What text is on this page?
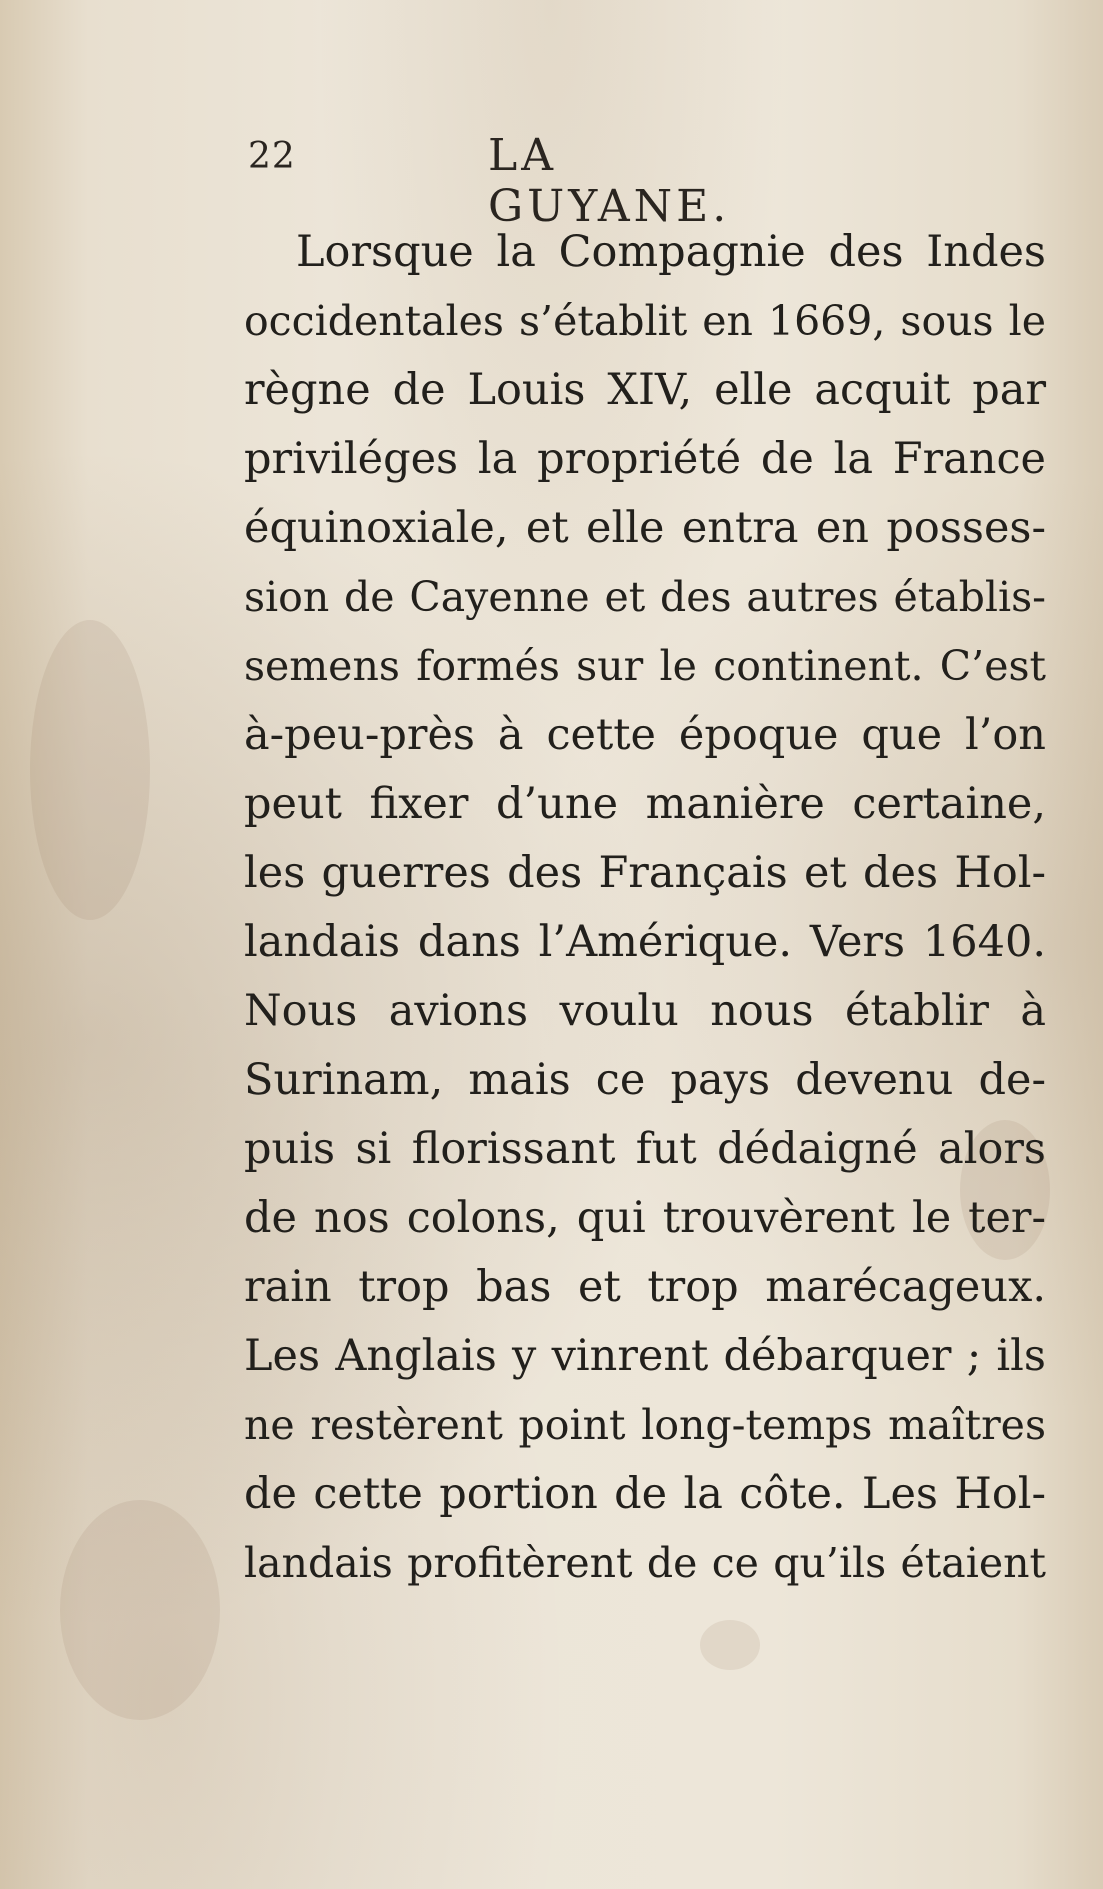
22	LA GUYANE.
Lorsque la Compagnie des Indes
occidentales s’établit en 1669, sous le
règne de Louis XIV, elle acquit par
priviléges la propriété de la France
équinoxiale, et elle entra en posses-
sion de Cayenne et des autres établis-
semens formés sur le continent. C’est
à-peu-près à cette époque que l’on
peut fixer d’une manière certaine,
les guerres des Français et des Hol-
landais dans l’Amérique. Vers 1640.
Nous avions voulu nous établir à
Surinam, mais ce pays devenu de-
puis si florissant fut dédaigné alors
de nos colons, qui trouvèrent le ter-
rain trop bas et trop marécageux.
Les Anglais y vinrent débarquer ; ils
ne restèrent point long-temps maîtres
de cette portion de la côte. Les Hol-
landais profitèrent de ce qu’ils étaient
